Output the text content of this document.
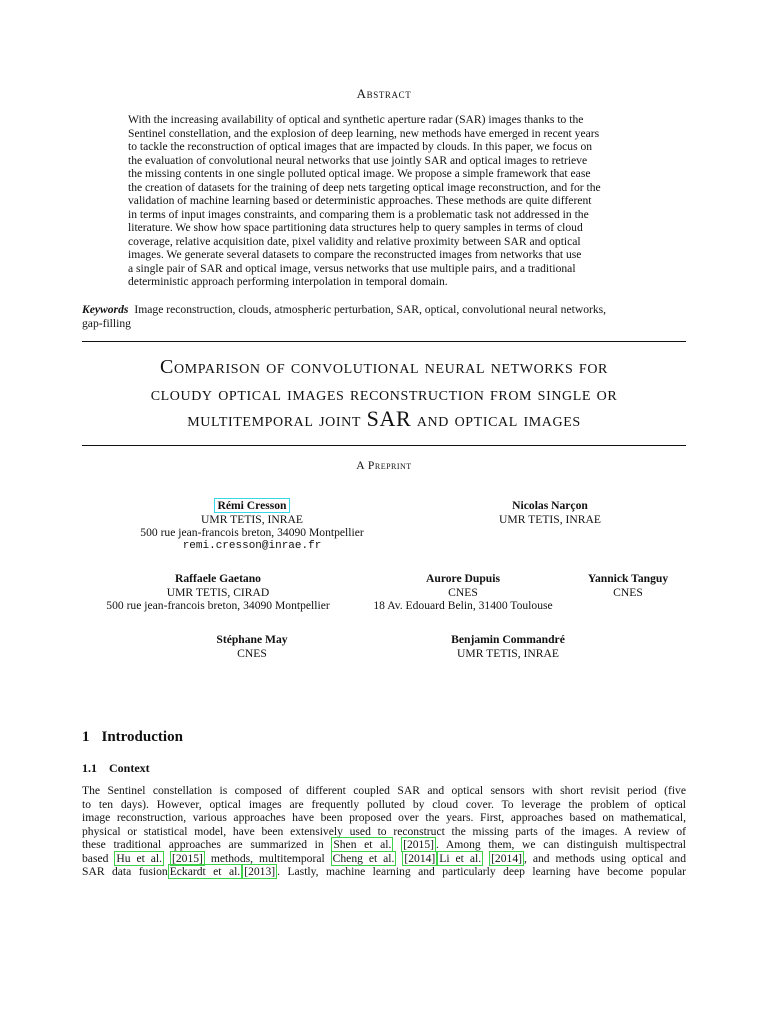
Abstract
With the increasing availability of optical and synthetic aperture radar (SAR) images thanks to the
Sentinel constellation, and the explosion of deep learning, new methods have emerged in recent years
to tackle the reconstruction of optical images that are impacted by clouds. In this paper, we focus on
the evaluation of convolutional neural networks that use jointly SAR and optical images to retrieve
the missing contents in one single polluted optical image. We propose a simple framework that ease
the creation of datasets for the training of deep nets targeting optical image reconstruction, and for the
validation of machine learning based or deterministic approaches. These methods are quite different
in terms of input images constraints, and comparing them is a problematic task not addressed in the
literature. We show how space partitioning data structures help to query samples in terms of cloud
coverage, relative acquisition date, pixel validity and relative proximity between SAR and optical
images. We generate several datasets to compare the reconstructed images from networks that use
a single pair of SAR and optical image, versus networks that use multiple pairs, and a traditional
deterministic approach performing interpolation in temporal domain.
Keywords Image reconstruction, clouds, atmospheric perturbation, SAR, optical, convolutional neural networks,
gap-filling
Comparison of convolutional neural networks for
cloudy optical images reconstruction from single or
multitemporal joint SAR and optical images
A Preprint
Rémi Cresson
UMR TETIS, INRAE
500 rue jean-francois breton, 34090 Montpellier
remi.cresson@inrae.fr
Nicolas Narçon
UMR TETIS, INRAE
Raffaele Gaetano
UMR TETIS, CIRAD
500 rue jean-francois breton, 34090 Montpellier
Aurore Dupuis
CNES
18 Av. Edouard Belin, 31400 Toulouse
Yannick Tanguy
CNES
Stéphane May
CNES
Benjamin Commandré
UMR TETIS, INRAE
1 Introduction
1.1 Context
The Sentinel constellation is composed of different coupled SAR and optical sensors with short revisit period (five
to ten days). However, optical images are frequently polluted by cloud cover. To leverage the problem of optical
image reconstruction, various approaches have been proposed over the years. First, approaches based on mathematical,
physical or statistical model, have been extensively used to reconstruct the missing parts of the images. A review of
these traditional approaches are summarized in Shen et al. [2015] . Among them, we can distinguish multispectral
based Hu et al. [2015] methods, multitemporal Cheng et al. [2014] Li et al. [2014] , and methods using optical and
SAR data fusion Eckardt et al. [2013] . Lastly, machine learning and particularly deep learning have become popular
